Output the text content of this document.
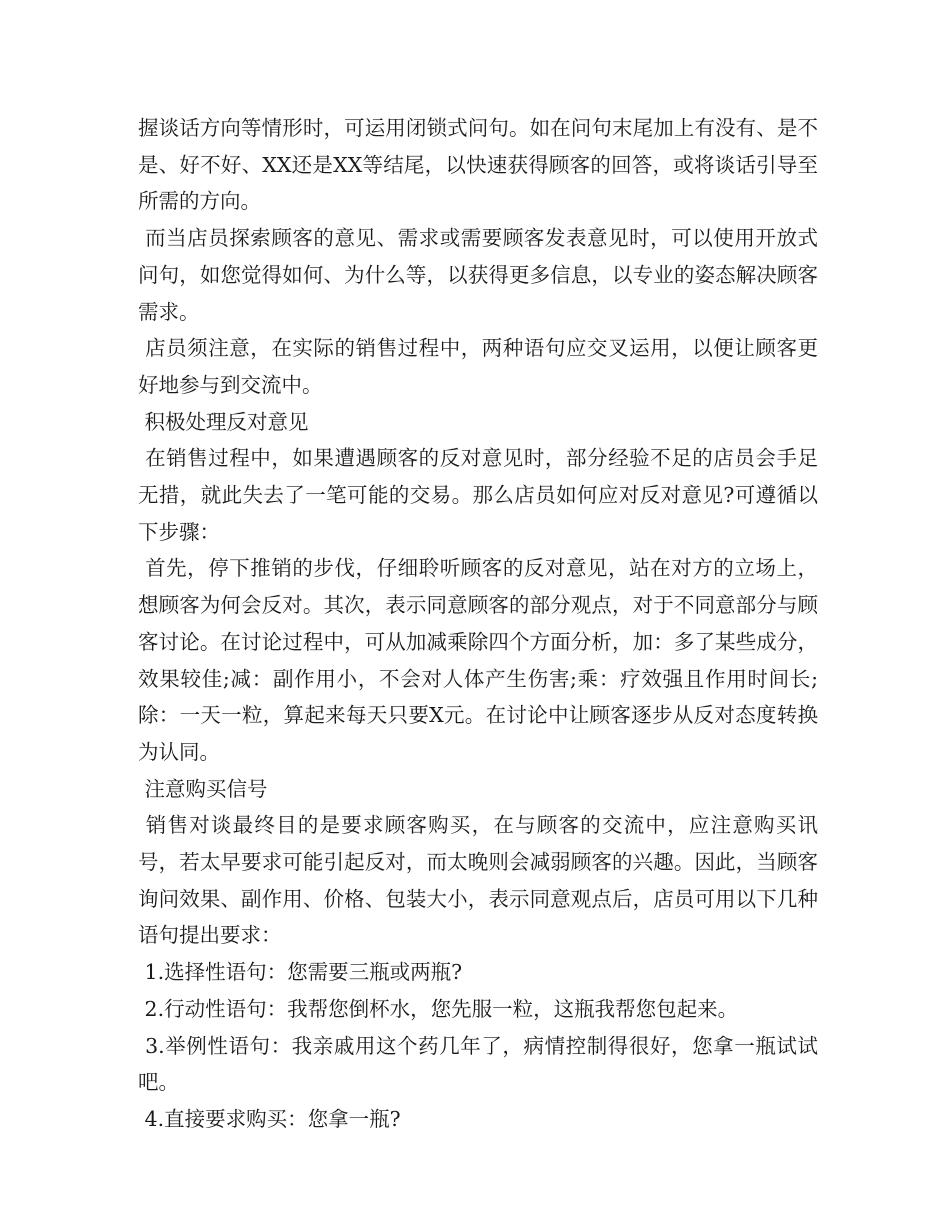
握谈话方向等情形时，可运用闭锁式问句。如在问句末尾加上有没有、是不是、好不好、XX还是XX等结尾，以快速获得顾客的回答，或将谈话引导至所需的方向。

而当店员探索顾客的意见、需求或需要顾客发表意见时，可以使用开放式问句，如您觉得如何、为什么等，以获得更多信息，以专业的姿态解决顾客需求。

店员须注意，在实际的销售过程中，两种语句应交叉运用，以便让顾客更好地参与到交流中。

积极处理反对意见

在销售过程中，如果遭遇顾客的反对意见时，部分经验不足的店员会手足无措，就此失去了一笔可能的交易。那么店员如何应对反对意见?可遵循以下步骤：

首先，停下推销的步伐，仔细聆听顾客的反对意见，站在对方的立场上，想顾客为何会反对。其次，表示同意顾客的部分观点，对于不同意部分与顾客讨论。在讨论过程中，可从加减乘除四个方面分析，加：多了某些成分，效果较佳;减：副作用小，不会对人体产生伤害;乘：疗效强且作用时间长;除：一天一粒，算起来每天只要X元。在讨论中让顾客逐步从反对态度转换为认同。

注意购买信号

销售对谈最终目的是要求顾客购买，在与顾客的交流中，应注意购买讯号，若太早要求可能引起反对，而太晚则会减弱顾客的兴趣。因此，当顾客询问效果、副作用、价格、包装大小，表示同意观点后，店员可用以下几种语句提出要求：

1.选择性语句：您需要三瓶或两瓶?

2.行动性语句：我帮您倒杯水，您先服一粒，这瓶我帮您包起来。

3.举例性语句：我亲戚用这个药几年了，病情控制得很好，您拿一瓶试试吧。

4.直接要求购买：您拿一瓶?
